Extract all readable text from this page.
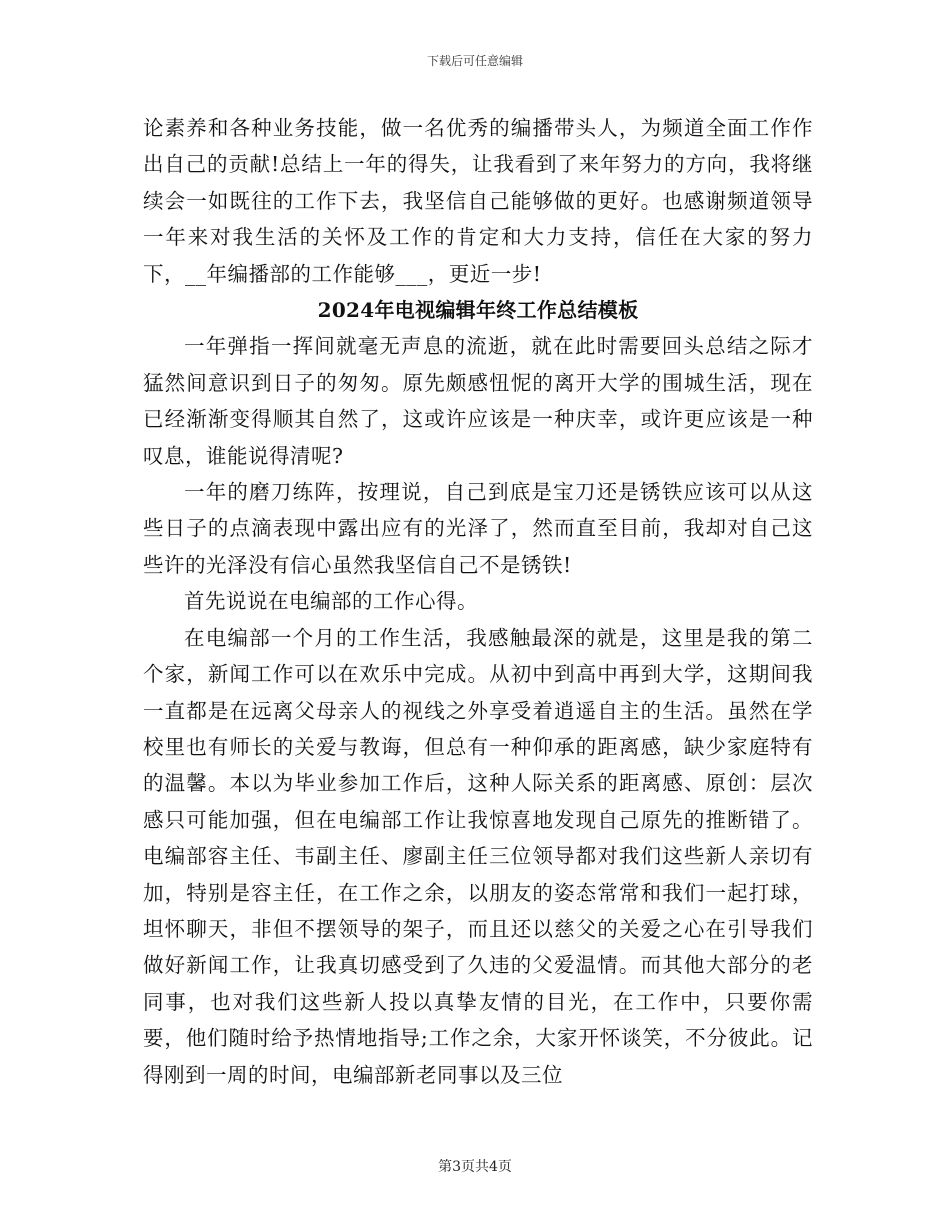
下载后可任意编辑

论素养和各种业务技能，做一名优秀的编播带头人，为频道全面工作作出自己的贡献!总结上一年的得失，让我看到了来年努力的方向，我将继续会一如既往的工作下去，我坚信自己能够做的更好。也感谢频道领导一年来对我生活的关怀及工作的肯定和大力支持，信任在大家的努力下，__年编播部的工作能够___，更近一步!

2024年电视编辑年终工作总结模板

一年弹指一挥间就毫无声息的流逝，就在此时需要回头总结之际才猛然间意识到日子的匆匆。原先颇感忸怩的离开大学的围城生活，现在已经渐渐变得顺其自然了，这或许应该是一种庆幸，或许更应该是一种叹息，谁能说得清呢?

一年的磨刀练阵，按理说，自己到底是宝刀还是锈铁应该可以从这些日子的点滴表现中露出应有的光泽了，然而直至目前，我却对自己这些许的光泽没有信心虽然我坚信自己不是锈铁!

首先说说在电编部的工作心得。

在电编部一个月的工作生活，我感触最深的就是，这里是我的第二个家，新闻工作可以在欢乐中完成。从初中到高中再到大学，这期间我一直都是在远离父母亲人的视线之外享受着逍遥自主的生活。虽然在学校里也有师长的关爱与教诲，但总有一种仰承的距离感，缺少家庭特有的温馨。本以为毕业参加工作后，这种人际关系的距离感、原创：层次感只可能加强，但在电编部工作让我惊喜地发现自己原先的推断错了。电编部容主任、韦副主任、廖副主任三位领导都对我们这些新人亲切有加，特别是容主任，在工作之余，以朋友的姿态常常和我们一起打球，坦怀聊天，非但不摆领导的架子，而且还以慈父的关爱之心在引导我们做好新闻工作，让我真切感受到了久违的父爱温情。而其他大部分的老同事，也对我们这些新人投以真挚友情的目光，在工作中，只要你需要，他们随时给予热情地指导;工作之余，大家开怀谈笑，不分彼此。记得刚到一周的时间，电编部新老同事以及三位

第3页共4页
